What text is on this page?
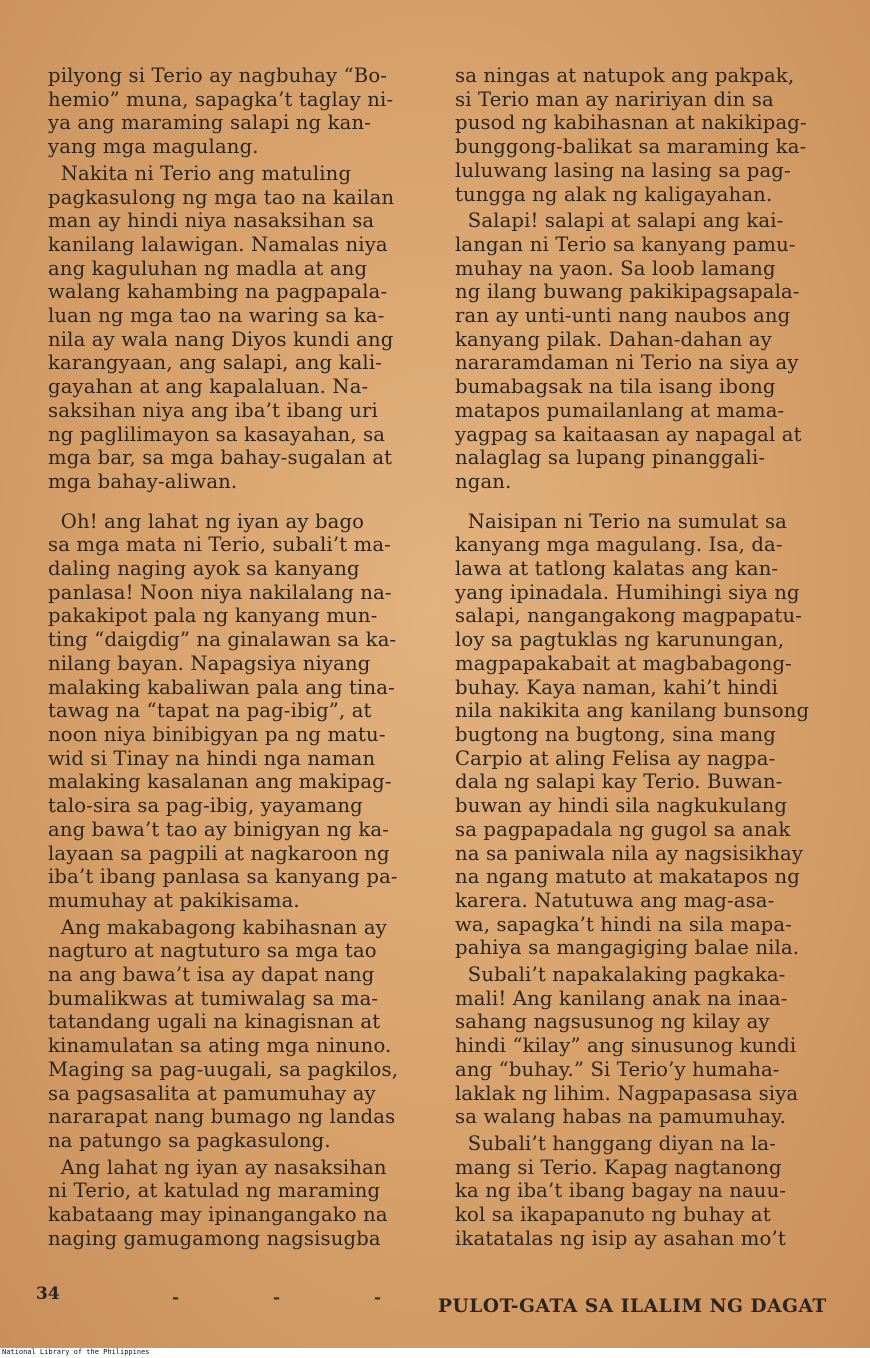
pilyong si Terio ay nagbuhay “Bo-
hemio” muna, sapagka’t taglay ni-
ya ang maraming salapi ng kan-
yang mga magulang.
Nakita ni Terio ang matuling
pagkasulong ng mga tao na kailan
man ay hindi niya nasaksihan sa
kanilang lalawigan. Namalas niya
ang kaguluhan ng madla at ang
walang kahambing na pagpapala-
luan ng mga tao na waring sa ka-
nila ay wala nang Diyos kundi ang
karangyaan, ang salapi, ang kali-
gayahan at ang kapalaluan. Na-
saksihan niya ang iba’t ibang uri
ng paglilimayon sa kasayahan, sa
mga bar, sa mga bahay-sugalan at
mga bahay-aliwan.
Oh! ang lahat ng iyan ay bago
sa mga mata ni Terio, subali’t ma-
daling naging ayok sa kanyang
panlasa! Noon niya nakilalang na-
pakakipot pala ng kanyang mun-
ting “daigdig” na ginalawan sa ka-
nilang bayan. Napagsiya niyang
malaking kabaliwan pala ang tina-
tawag na “tapat na pag-ibig”, at
noon niya binibigyan pa ng matu-
wid si Tinay na hindi nga naman
malaking kasalanan ang makipag-
talo-sira sa pag-ibig, yayamang
ang bawa’t tao ay binigyan ng ka-
layaan sa pagpili at nagkaroon ng
iba’t ibang panlasa sa kanyang pa-
mumuhay at pakikisama.
Ang makabagong kabihasnan ay
nagturo at nagtuturo sa mga tao
na ang bawa’t isa ay dapat nang
bumalikwas at tumiwalag sa ma-
tatandang ugali na kinagisnan at
kinamulatan sa ating mga ninuno.
Maging sa pag-uugali, sa pagkilos,
sa pagsasalita at pamumuhay ay
nararapat nang bumago ng landas
na patungo sa pagkasulong.
Ang lahat ng iyan ay nasaksihan
ni Terio, at katulad ng maraming
kabataang may ipinangangako na
naging gamugamong nagsisugba
sa ningas at natupok ang pakpak,
si Terio man ay naririyan din sa
pusod ng kabihasnan at nakikipag-
bunggong-balikat sa maraming ka-
luluwang lasing na lasing sa pag-
tungga ng alak ng kaligayahan.
Salapi! salapi at salapi ang kai-
langan ni Terio sa kanyang pamu-
muhay na yaon. Sa loob lamang
ng ilang buwang pakikipagsapala-
ran ay unti-unti nang naubos ang
kanyang pilak. Dahan-dahan ay
nararamdaman ni Terio na siya ay
bumabagsak na tila isang ibong
matapos pumailanlang at mama-
yagpag sa kaitaasan ay napagal at
nalaglag sa lupang pinanggali-
ngan.
Naisipan ni Terio na sumulat sa
kanyang mga magulang. Isa, da-
lawa at tatlong kalatas ang kan-
yang ipinadala. Humihingi siya ng
salapi, nangangakong magpapatu-
loy sa pagtuklas ng karunungan,
magpapakabait at magbabagong-
buhay. Kaya naman, kahi’t hindi
nila nakikita ang kanilang bunsong
bugtong na bugtong, sina mang
Carpio at aling Felisa ay nagpa-
dala ng salapi kay Terio. Buwan-
buwan ay hindi sila nagkukulang
sa pagpapadala ng gugol sa anak
na sa paniwala nila ay nagsisikhay
na ngang matuto at makatapos ng
karera. Natutuwa ang mag-asa-
wa, sapagka’t hindi na sila mapa-
pahiya sa mangagiging balae nila.
Subali’t napakalaking pagkaka-
mali! Ang kanilang anak na inaa-
sahang nagsusunog ng kilay ay
hindi “kilay” ang sinusunog kundi
ang “buhay.” Si Terio’y humaha-
laklak ng lihim. Nagpapasasa siya
sa walang habas na pamumuhay.
Subali’t hanggang diyan na la-
mang si Terio. Kapag nagtanong
ka ng iba’t ibang bagay na nauu-
kol sa ikapapanuto ng buhay at
ikatatalas ng isip ay asahan mo’t
34	- - - PULOT-GATA SA ILALIM NG DAGAT
National Library of the Philippines
